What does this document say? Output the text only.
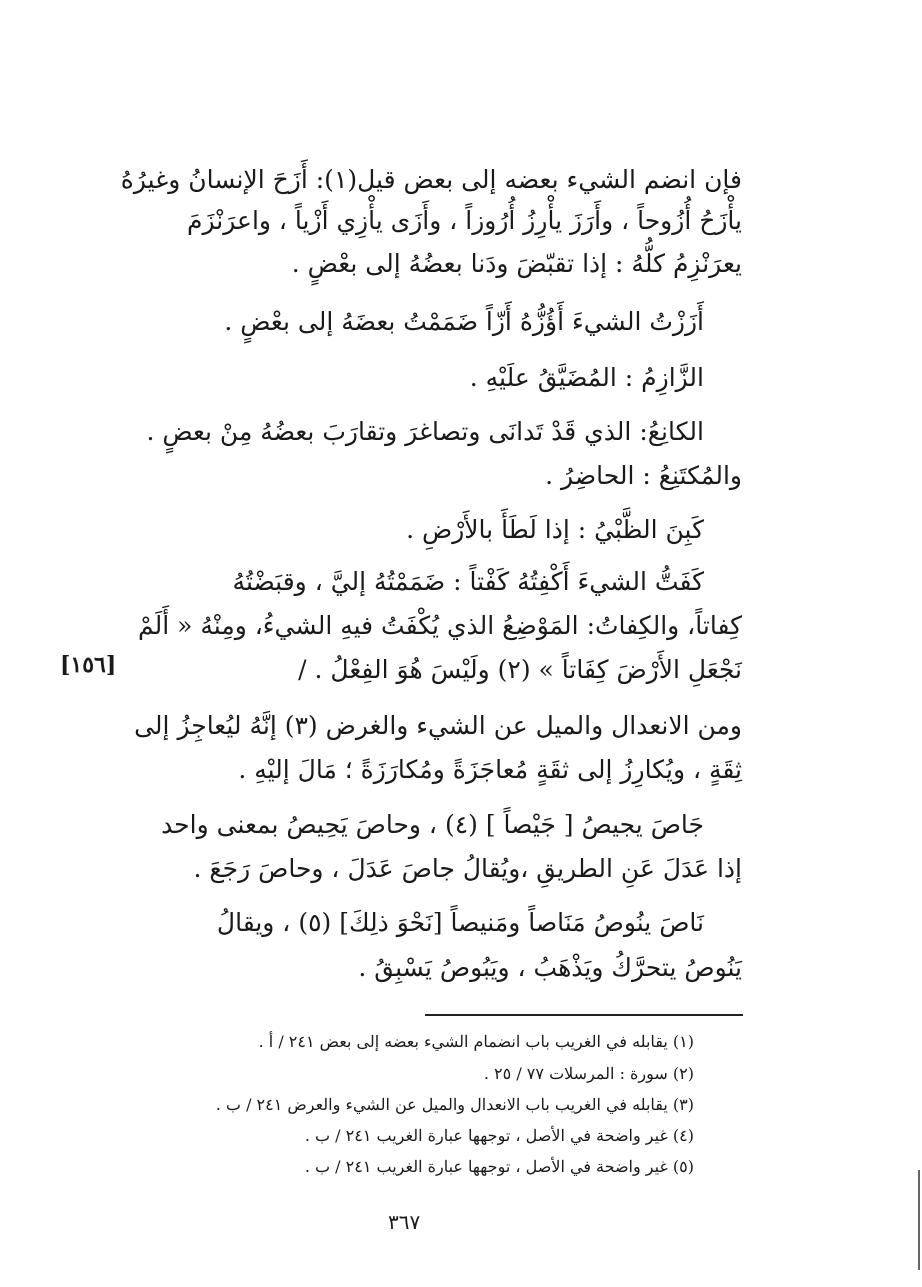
فإن انضم الشيء بعضه إلى بعض قيل(١): أَزَحَ الإنسانُ وغيرُهُ
يأْزَحُ أُزُوحاً ، وأَرَزَ يأْرِزُ أُرُوزاً ، وأَزَى يأْزِي أَزْياً ، واعرَنْزَمَ
يعرَنْزِمُ كلُّهُ : إذا تقبّضَ ودَنا بعضُهُ إلى بعْضٍ .
أَزَزْتُ الشيءَ أَؤُزُّهُ أَزّاً ضَمَمْتُ بعضَهُ إلى بعْضٍ .
الزَّازِمُ : المُضَيَّقُ علَيْهِ .
الكانِعُ: الذي قَدْ تَدانَى وتصاغرَ وتقارَبَ بعضُهُ مِنْ بعضٍ .
والمُكتَنِعُ : الحاضِرُ .
كَبِنَ الظَّبْيُ : إذا لَطَأَ بالأَرْضِ .
كَفَتُّ الشيءَ أَكْفِتُهُ كَفْتاً : ضَمَمْتُهُ إليَّ ، وقبَضْتُهُ
كِفاتاً، والكِفاتُ: المَوْضِعُ الذي يُكْفَتُ فيهِ الشيءُ، ومِنْهُ « أَلَمْ
نَجْعَلِ الأَرْضَ كِفَاتاً » (٢) ولَيْسَ هُوَ الفِعْلُ . /
ومن الانعدال والميل عن الشيء والغرض (٣) إنَّهُ ليُعاجِزُ إلى
ثِقَةٍ ، ويُكارِزُ إلى ثقَةٍ مُعاجَزَةً ومُكارَزَةً ؛ مَالَ إليْهِ .
جَاصَ يجيصُ [ جَيْصاً ] (٤) ، وحاصَ يَحِيصُ بمعنى واحد
إذا عَدَلَ عَنِ الطريقِ ،ويُقالُ جاصَ عَدَلَ ، وحاصَ رَجَعَ .
نَاصَ ينُوصُ مَنَاصاً ومَنيصاً [نَحْوَ ذلِكَ] (٥) ، ويقالُ
يَنُوصُ يتحرَّكُ ويَذْهَبُ ، ويَبُوصُ يَسْبِقُ .
[١٥٦]
(١) يقابله في الغريب باب انضمام الشيء بعضه إلى بعض ٢٤١ / أ .
(٢) سورة : المرسلات ٧٧ / ٢٥ .
(٣) يقابله في الغريب باب الانعدال والميل عن الشيء والعرض ٢٤١ / ب .
(٤) غير واضحة في الأصل ، توجهها عبارة الغريب ٢٤١ / ب .
(٥) غير واضحة في الأصل ، توجهها عبارة الغريب ٢٤١ / ب .
٣٦٧
